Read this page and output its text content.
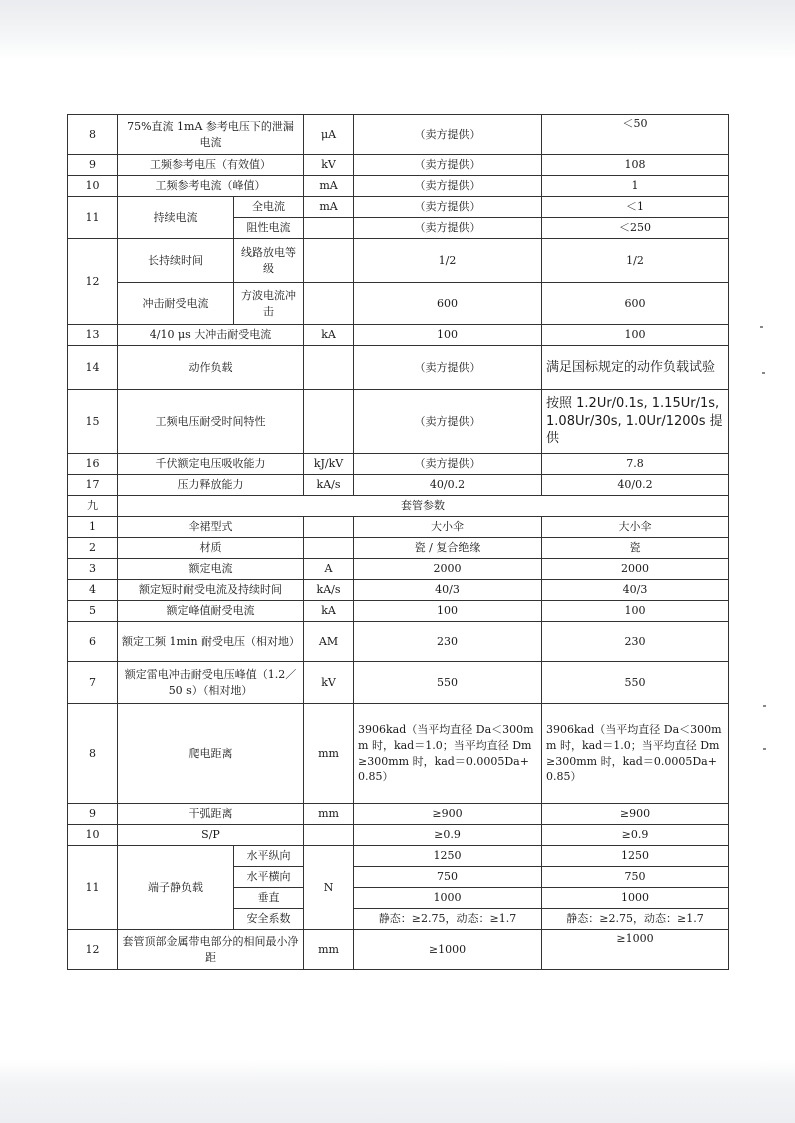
8	75%直流 1mA 参考电压下的泄漏电流		μA	（卖方提供）	＜50
9	工频参考电压（有效值）		kV	（卖方提供）	108
10	工频参考电流（峰值）		mA	（卖方提供）	1
11	持续电流	全电流	mA	（卖方提供）	＜1
		阻性电流		（卖方提供）	＜250
12	长持续时间	线路放电等级		1/2	1/2
	冲击耐受电流	方波电流冲击		600	600
13	4/10 μs 大冲击耐受电流		kA	100	100
14	动作负载			（卖方提供）	满足国标规定的动作负载试验
15	工频电压耐受时间特性			（卖方提供）	按照 1.2Ur/0.1s, 1.15Ur/1s, 1.08Ur/30s, 1.0Ur/1200s 提供
16	千伏额定电压吸收能力		kJ/kV	（卖方提供）	7.8
17	压力释放能力		kA/s	40/0.2	40/0.2
九	套管参数				
1	伞裙型式			大小伞	大小伞
2	材质			瓷 / 复合绝缘	瓷
3	额定电流		A	2000	2000
4	额定短时耐受电流及持续时间		kA/s	40/3	40/3
5	额定峰值耐受电流		kA	100	100
6	额定工频 1min 耐受电压（相对地）		AM	230	230
7	额定雷电冲击耐受电压峰值（1.2／50 s）（相对地）		kV	550	550
8	爬电距离		mm	3906kad（当平均直径 Da＜300mm 时，kad＝1.0；当平均直径 Dm≥300mm 时，kad＝0.0005Da+0.85）	3906kad（当平均直径 Da＜300mm 时，kad＝1.0；当平均直径 Dm≥300mm 时，kad＝0.0005Da+0.85）
9	干弧距离		mm	≥900	≥900
10	S/P			≥0.9	≥0.9
11	端子静负载	水平纵向	N	1250	1250
		水平横向		750	750
		垂直		1000	1000
		安全系数		静态：≥2.75，动态：≥1.7	静态：≥2.75，动态：≥1.7
12	套管顶部金属带电部分的相间最小净距		mm	≥1000	≥1000
